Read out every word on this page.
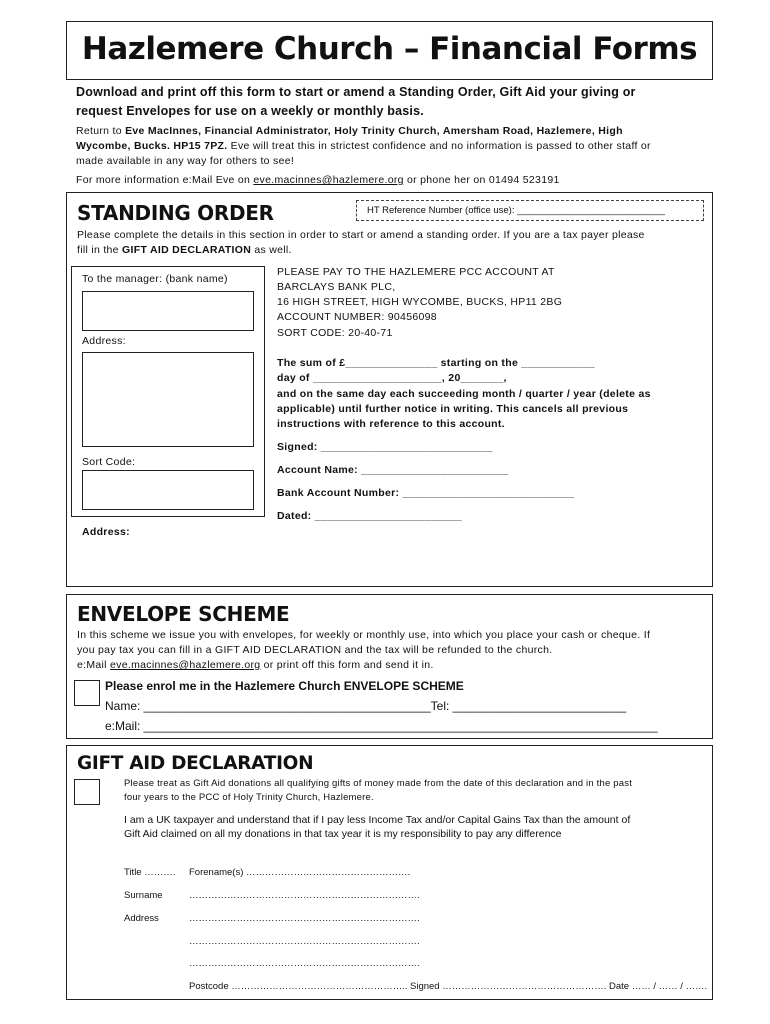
Hazlemere Church – Financial Forms
Download and print off this form to start or amend a Standing Order, Gift Aid your giving or
request Envelopes for use on a weekly or monthly basis.
Return to Eve MacInnes, Financial Administrator, Holy Trinity Church, Amersham Road, Hazlemere, High
Wycombe, Bucks. HP15 7PZ. Eve will treat this in strictest confidence and no information is passed to other staff or
made available in any way for others to see!
For more information e:Mail Eve on eve.macinnes@hazlemere.org or phone her on 01494 523191
STANDING ORDER	HT Reference Number (office use): ____________________________
Please complete the details in this section in order to start or amend a standing order. If you are a tax payer please
fill in the GIFT AID DECLARATION as well.
To the manager: (bank name)
Address:
Sort Code:
Address:
PLEASE PAY TO THE HAZLEMERE PCC ACCOUNT AT
BARCLAYS BANK PLC,
16 HIGH STREET, HIGH WYCOMBE, BUCKS, HP11 2BG
ACCOUNT NUMBER: 90456098
SORT CODE: 20-40-71
The sum of £_______________ starting on the ____________
day of _____________________, 20_______,
and on the same day each succeeding month / quarter / year (delete as
applicable) until further notice in writing. This cancels all previous
instructions with reference to this account.
Signed: ____________________________
Account Name: ________________________
Bank Account Number: ____________________________
Dated: ________________________
ENVELOPE SCHEME
In this scheme we issue you with envelopes, for weekly or monthly use, into which you place your cash or cheque. If
you pay tax you can fill in a GIFT AID DECLARATION and the tax will be refunded to the church.
e:Mail eve.macinnes@hazlemere.org or print off this form and send it in.
Please enrol me in the Hazlemere Church ENVELOPE SCHEME
Name: ___________________________________________Tel: __________________________
e:Mail: _____________________________________________________________________________
GIFT AID DECLARATION
Please treat as Gift Aid donations all qualifying gifts of money made from the date of this declaration and in the past
four years to the PCC of Holy Trinity Church, Hazlemere.
I am a UK taxpayer and understand that if I pay less Income Tax and/or Capital Gains Tax than the amount of
Gift Aid claimed on all my donations in that tax year it is my responsibility to pay any difference
Title ………. Forename(s) …………………………………………….
Surname	……………………………………………………………….
Address	……………………………………………………………….
……………………………………………………………….
……………………………………………………………….
Postcode ……………………………………………….. Signed ……………………………………………. Date …… / …… / …….
